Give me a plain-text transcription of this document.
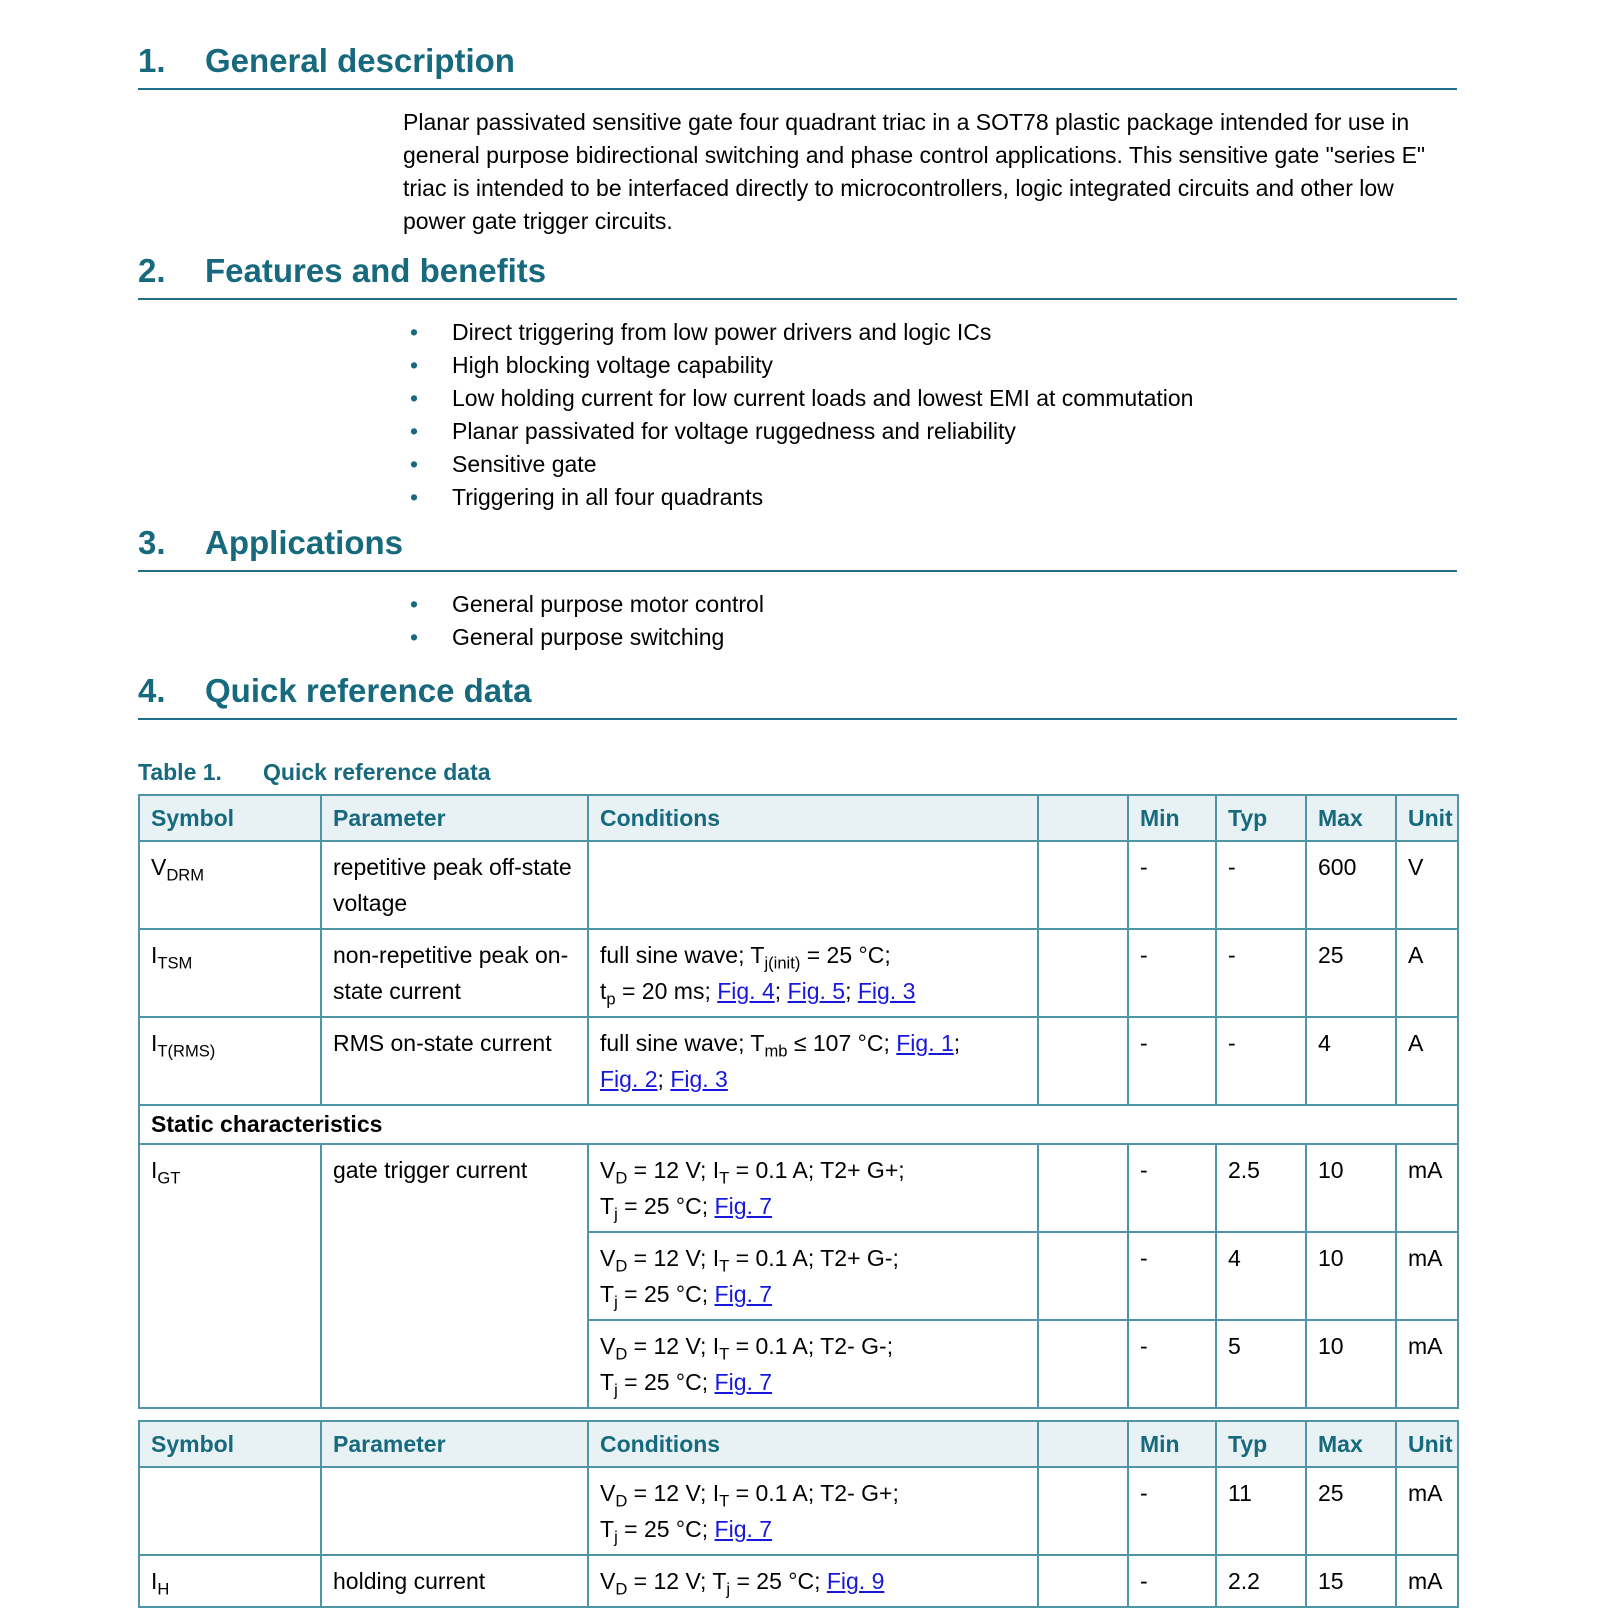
1.	General description

Planar passivated sensitive gate four quadrant triac in a SOT78 plastic package intended for use in general purpose bidirectional switching and phase control applications. This sensitive gate "series E" triac is intended to be interfaced directly to microcontrollers, logic integrated circuits and other low power gate trigger circuits.

2.	Features and benefits
•	Direct triggering from low power drivers and logic ICs
•	High blocking voltage capability
•	Low holding current for low current loads and lowest EMI at commutation
•	Planar passivated for voltage ruggedness and reliability
•	Sensitive gate
•	Triggering in all four quadrants
3.	Applications
•	General purpose motor control
•	General purpose switching
4.	Quick reference data
Table 1. Quick reference data
Symbol	Parameter	Conditions		Min	Typ	Max	Unit
$V_{DRM}$	repetitive peak off-state voltage			-	-	600	V
$I_{TSM}$	non-repetitive peak on-state current	full sine wave; $T_{j(init)} = 25$ °C;
$t_p = 20$ ms; Fig. 4; Fig. 5; Fig. 3		-	-	25	A
$I_{T(RMS)}$	RMS on-state current	full sine wave; $T_{mb} \le 107$ °C; Fig. 1;
Fig. 2; Fig. 3		-	-	4	A
Static characteristics							
$I_{GT}$	gate trigger current	$V_D = 12$ V; $I_T = 0.1$ A; T2+ G+;
$T_j = 25$ °C; Fig. 7		-	2.5	10	mA
		$V_D = 12$ V; $I_T = 0.1$ A; T2+ G-;
$T_j = 25$ °C; Fig. 7		-	4	10	mA
		$V_D = 12$ V; $I_T = 0.1$ A; T2- G-;
$T_j = 25$ °C; Fig. 7		-	5	10	mA
Symbol	Parameter	Conditions		Min	Typ	Max	Unit
		$V_D = 12$ V; $I_T = 0.1$ A; T2- G+;
$T_j = 25$ °C; Fig. 7		-	11	25	mA
$I_H$	holding current	$V_D = 12$ V; $T_j = 25$ °C; Fig. 9		-	2.2	15	mA
